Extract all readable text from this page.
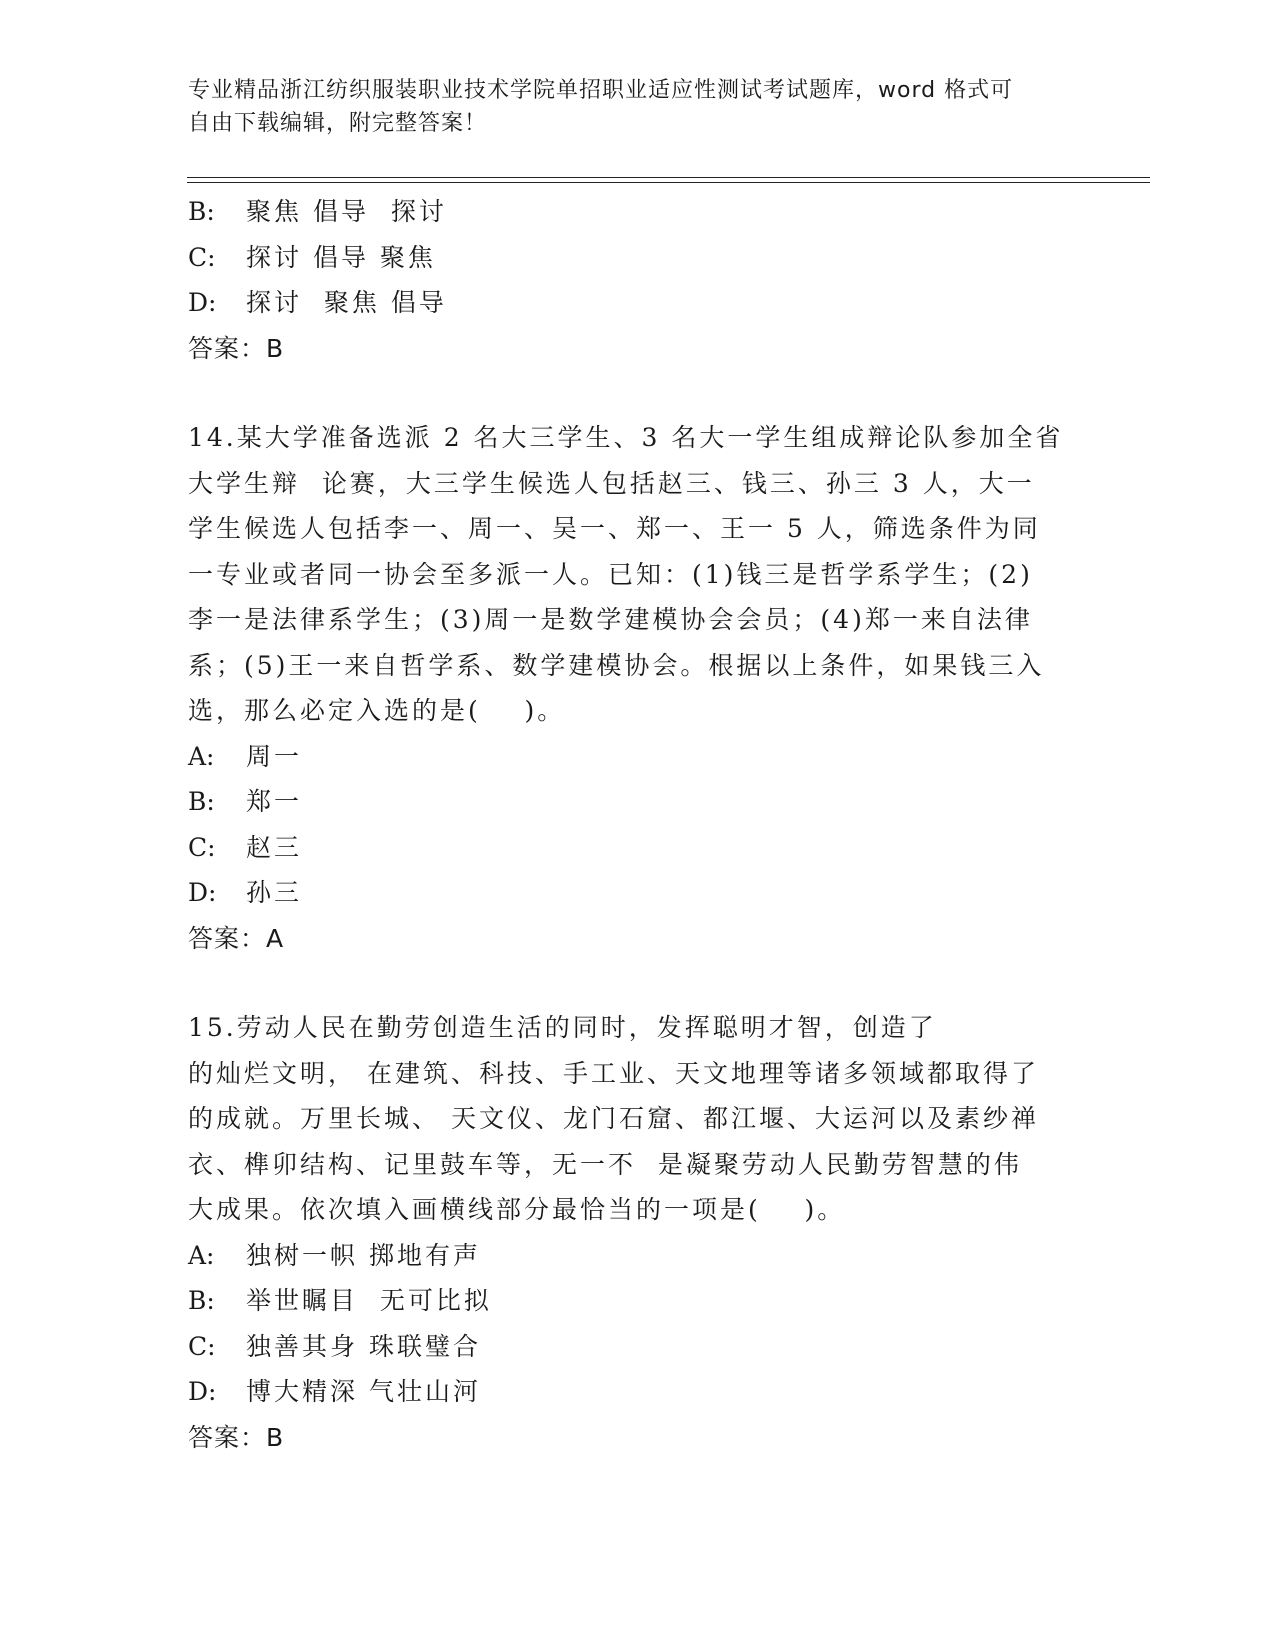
专业精品浙江纺织服装职业技术学院单招职业适应性测试考试题库，word 格式可
自由下载编辑，附完整答案！
B: 聚焦 倡导  探讨
C: 探讨 倡导 聚焦
D: 探讨  聚焦 倡导
答案：B
14.某大学准备选派 2 名大三学生、3 名大一学生组成辩论队参加全省
大学生辩  论赛，大三学生候选人包括赵三、钱三、孙三 3 人，大一
学生候选人包括李一、周一、吴一、郑一、王一 5 人，筛选条件为同
一专业或者同一协会至多派一人。已知：(1)钱三是哲学系学生；(2)
李一是法律系学生；(3)周一是数学建模协会会员；(4)郑一来自法律
系；(5)王一来自哲学系、数学建模协会。根据以上条件，如果钱三入
选，那么必定入选的是(    )。
A: 周一
B: 郑一
C: 赵三
D: 孙三
答案：A
15.劳动人民在勤劳创造生活的同时，发挥聪明才智，创造了
的灿烂文明， 在建筑、科技、手工业、天文地理等诸多领域都取得了
的成就。万里长城、 天文仪、龙门石窟、都江堰、大运河以及素纱禅
衣、榫卯结构、记里鼓车等，无一不  是凝聚劳动人民勤劳智慧的伟
大成果。依次填入画横线部分最恰当的一项是(    )。
A: 独树一帜 掷地有声
B: 举世瞩目  无可比拟
C: 独善其身 珠联璧合
D: 博大精深 气壮山河
答案：B
